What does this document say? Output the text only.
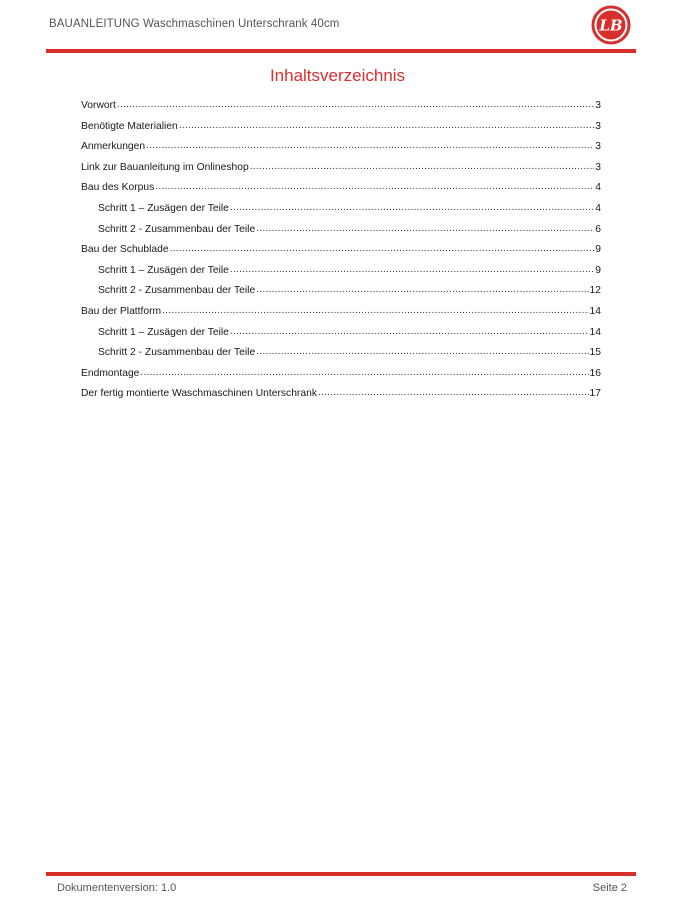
BAUANLEITUNG Waschmaschinen Unterschrank 40cm	LB
Inhaltsverzeichnis
Vorwort .....	3
Benötigte Materialien .....	3
Anmerkungen .....	3
Link zur Bauanleitung im Onlineshop .....	3
Bau des Korpus .....	4
Schritt 1 – Zusägen der Teile .....	4
Schritt 2 - Zusammenbau der Teile .....	6
Bau der Schublade .....	9
Schritt 1 – Zusägen der Teile .....	9
Schritt 2 - Zusammenbau der Teile .....	12
Bau der Plattform .....	14
Schritt 1 – Zusägen der Teile .....	14
Schritt 2 - Zusammenbau der Teile .....	15
Endmontage .....	16
Der fertig montierte Waschmaschinen Unterschrank .....	17
Dokumentenversion: 1.0	Seite 2
